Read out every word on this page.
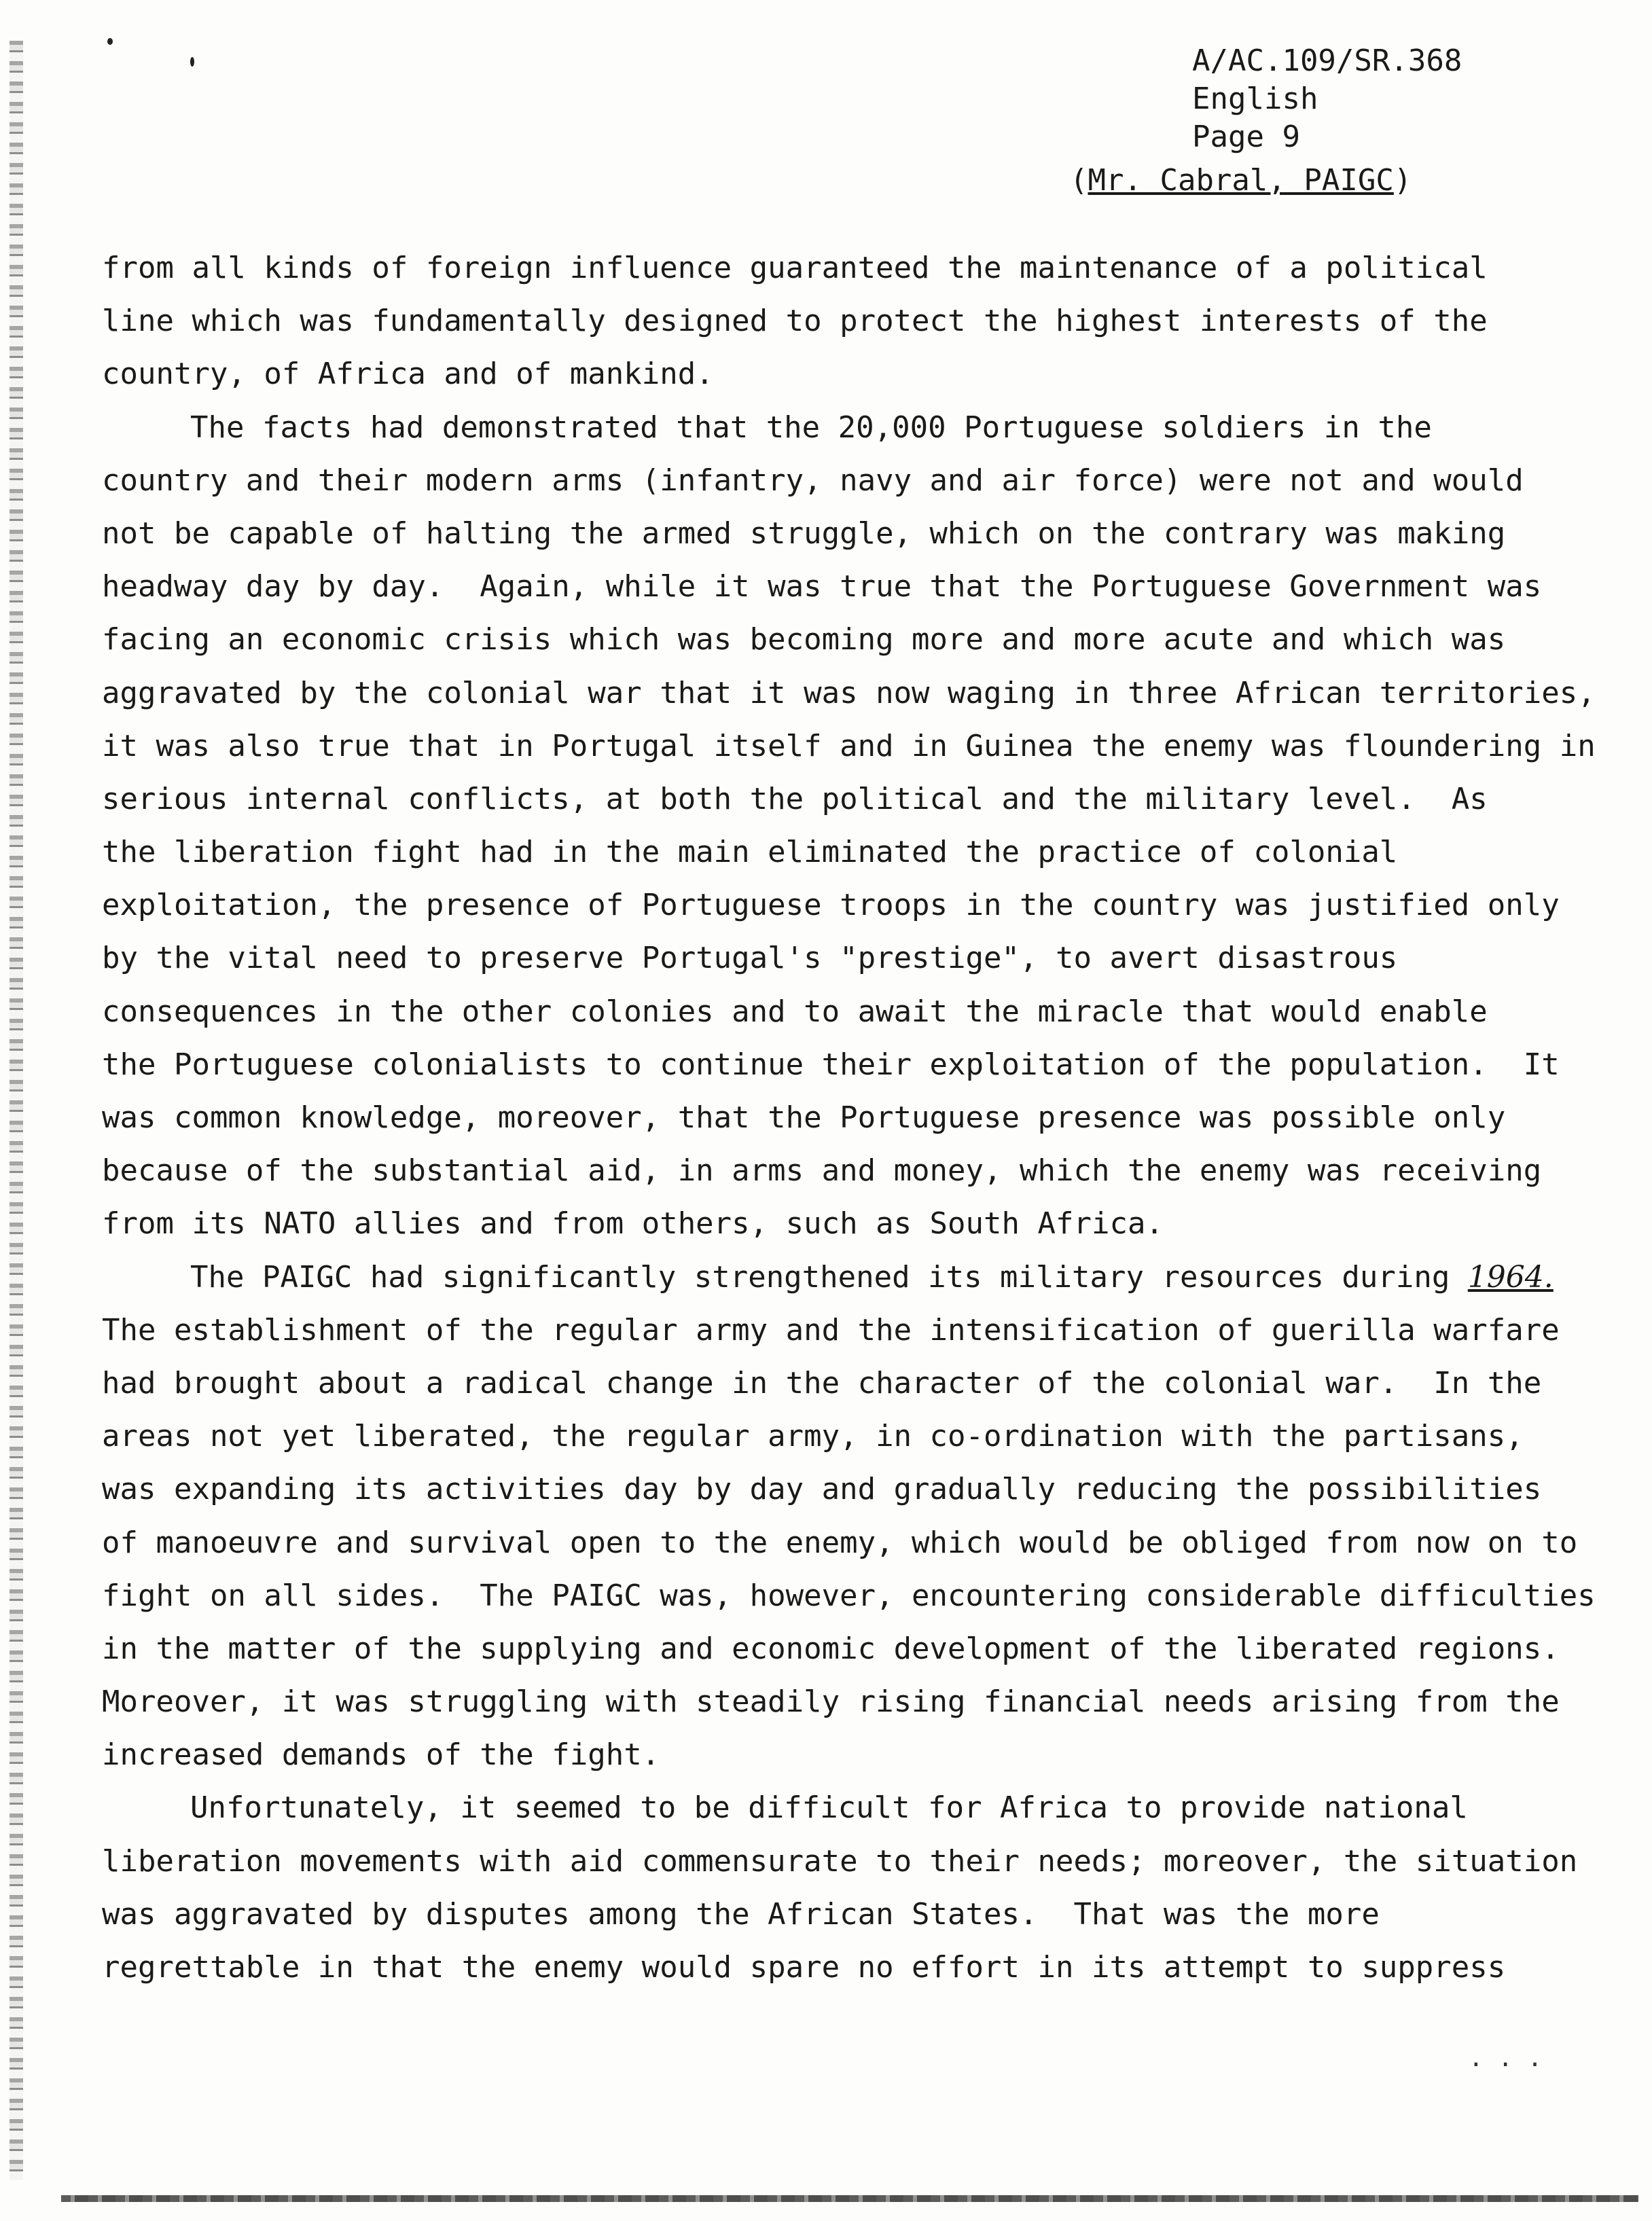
A/AC.109/SR.368
English
Page 9
(Mr. Cabral, PAIGC)
from all kinds of foreign influence guaranteed the maintenance of a political
line which was fundamentally designed to protect the highest interests of the
country, of Africa and of mankind.
The facts had demonstrated that the 20,000 Portuguese soldiers in the
country and their modern arms (infantry, navy and air force) were not and would
not be capable of halting the armed struggle, which on the contrary was making
headway day by day.  Again, while it was true that the Portuguese Government was
facing an economic crisis which was becoming more and more acute and which was
aggravated by the colonial war that it was now waging in three African territories,
it was also true that in Portugal itself and in Guinea the enemy was floundering in
serious internal conflicts, at both the political and the military level.  As
the liberation fight had in the main eliminated the practice of colonial
exploitation, the presence of Portuguese troops in the country was justified only
by the vital need to preserve Portugal's "prestige", to avert disastrous
consequences in the other colonies and to await the miracle that would enable
the Portuguese colonialists to continue their exploitation of the population.  It
was common knowledge, moreover, that the Portuguese presence was possible only
because of the substantial aid, in arms and money, which the enemy was receiving
from its NATO allies and from others, such as South Africa.
The PAIGC had significantly strengthened its military resources during 1964.
The establishment of the regular army and the intensification of guerilla warfare
had brought about a radical change in the character of the colonial war.  In the
areas not yet liberated, the regular army, in co-ordination with the partisans,
was expanding its activities day by day and gradually reducing the possibilities
of manoeuvre and survival open to the enemy, which would be obliged from now on to
fight on all sides.  The PAIGC was, however, encountering considerable difficulties
in the matter of the supplying and economic development of the liberated regions.
Moreover, it was struggling with steadily rising financial needs arising from the
increased demands of the fight.
Unfortunately, it seemed to be difficult for Africa to provide national
liberation movements with aid commensurate to their needs; moreover, the situation
was aggravated by disputes among the African States.  That was the more
regrettable in that the enemy would spare no effort in its attempt to suppress
. . .
